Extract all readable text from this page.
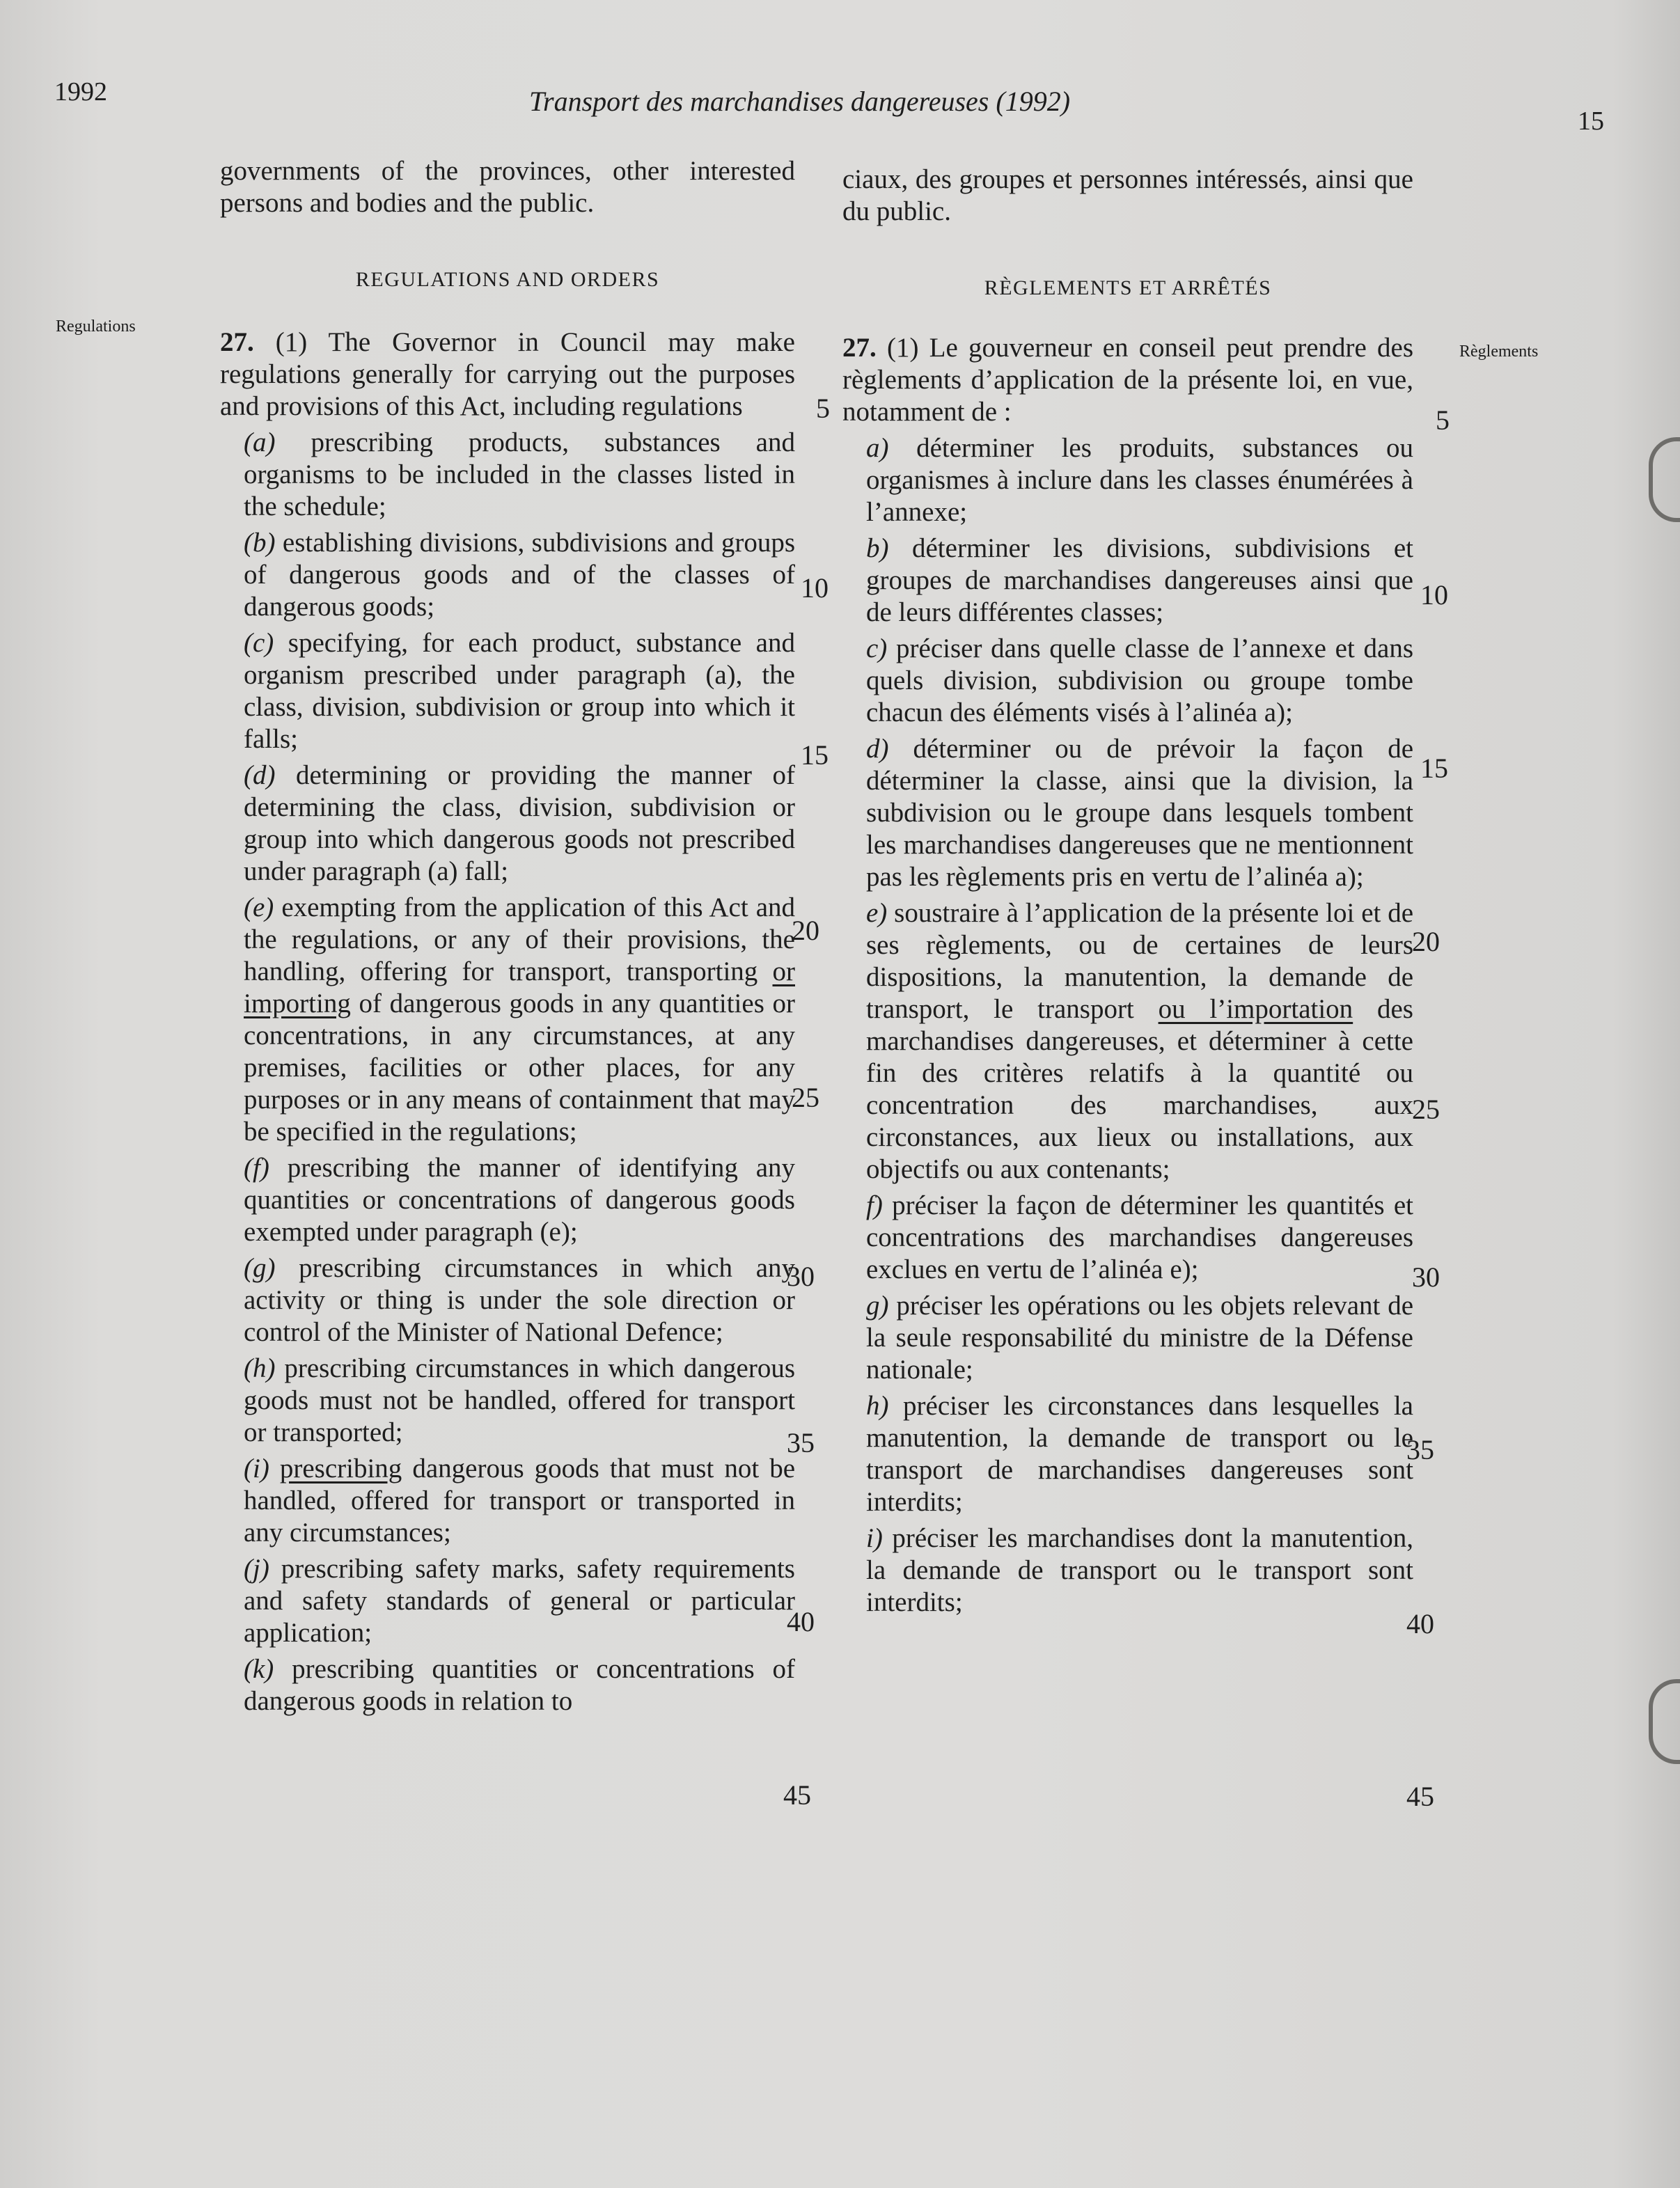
1992	Transport des marchandises dangereuses (1992)
15
Regulations
Règlements

governments of the provinces, other interested persons and bodies and the public.

REGULATIONS AND ORDERS

27. (1) The Governor in Council may make regulations generally for carrying out the purposes and provisions of this Act, including regulations

(a) prescribing products, substances and organisms to be included in the classes listed in the schedule;

(b) establishing divisions, subdivisions and groups of dangerous goods and of the classes of dangerous goods;

(c) specifying, for each product, substance and organism prescribed under paragraph (a), the class, division, subdivision or group into which it falls;

(d) determining or providing the manner of determining the class, division, subdivision or group into which dangerous goods not prescribed under paragraph (a) fall;

(e) exempting from the application of this Act and the regulations, or any of their provisions, the handling, offering for transport, transporting or importing of dangerous goods in any quantities or concentrations, in any circumstances, at any premises, facilities or other places, for any purposes or in any means of containment that may be specified in the regulations;

(f) prescribing the manner of identifying any quantities or concentrations of dangerous goods exempted under paragraph (e);

(g) prescribing circumstances in which any activity or thing is under the sole direction or control of the Minister of National Defence;

(h) prescribing circumstances in which dangerous goods must not be handled, offered for transport or transported;

(i) prescribing dangerous goods that must not be handled, offered for transport or transported in any circumstances;

(j) prescribing safety marks, safety requirements and safety standards of general or particular application;

(k) prescribing quantities or concentrations of dangerous goods in relation to

5
10
15
20
25
30
35
40
45

ciaux, des groupes et personnes intéressés, ainsi que du public.

RÈGLEMENTS ET ARRÊTÉS

27. (1) Le gouverneur en conseil peut prendre des règlements d’application de la présente loi, en vue, notamment de :

a) déterminer les produits, substances ou organismes à inclure dans les classes énumérées à l’annexe;

b) déterminer les divisions, subdivisions et groupes de marchandises dangereuses ainsi que de leurs différentes classes;

c) préciser dans quelle classe de l’annexe et dans quels division, subdivision ou groupe tombe chacun des éléments visés à l’alinéa a);

d) déterminer ou de prévoir la façon de déterminer la classe, ainsi que la division, la subdivision ou le groupe dans lesquels tombent les marchandises dangereuses que ne mentionnent pas les règlements pris en vertu de l’alinéa a);

e) soustraire à l’application de la présente loi et de ses règlements, ou de certaines de leurs dispositions, la manutention, la demande de transport, le transport ou l’importation des marchandises dangereuses, et déterminer à cette fin des critères relatifs à la quantité ou concentration des marchandises, aux circonstances, aux lieux ou installations, aux objectifs ou aux contenants;

f) préciser la façon de déterminer les quantités et concentrations des marchandises dangereuses exclues en vertu de l’alinéa e);

g) préciser les opérations ou les objets relevant de la seule responsabilité du ministre de la Défense nationale;

h) préciser les circonstances dans lesquelles la manutention, la demande de transport ou le transport de marchandises dangereuses sont interdits;

i) préciser les marchandises dont la manutention, la demande de transport ou le transport sont interdits;

5
10
15
20
25
30
35
40
45
